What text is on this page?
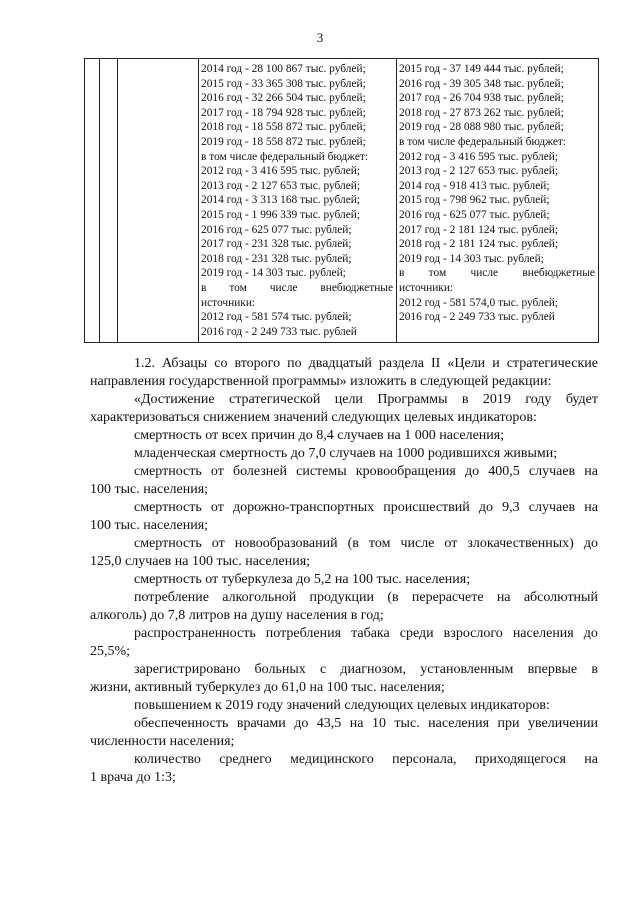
3
2014 год - 28 100 867 тыс. рублей;
2015 год - 33 365 308 тыс. рублей;
2016 год - 32 266 504 тыс. рублей;
2017 год - 18 794 928 тыс. рублей;
2018 год - 18 558 872 тыс. рублей;
2019 год - 18 558 872 тыс. рублей;
в том числе федеральный бюджет:
2012 год - 3 416 595 тыс. рублей;
2013 год - 2 127 653 тыс. рублей;
2014 год - 3 313 168 тыс. рублей;
2015 год - 1 996 339 тыс. рублей;
2016 год - 625 077 тыс. рублей;
2017 год - 231 328 тыс. рублей;
2018 год - 231 328 тыс. рублей;
2019 год - 14 303 тыс. рублей;
в том числе внебюджетные
источники:
2012 год - 581 574 тыс. рублей;
2016 год - 2 249 733 тыс. рублей
2015 год - 37 149 444 тыс. рублей;
2016 год - 39 305 348 тыс. рублей;
2017 год - 26 704 938 тыс. рублей;
2018 год - 27 873 262 тыс. рублей;
2019 год - 28 088 980 тыс. рублей;
в том числе федеральный бюджет:
2012 год - 3 416 595 тыс. рублей;
2013 год - 2 127 653 тыс. рублей;
2014 год - 918 413 тыс. рублей;
2015 год - 798 962 тыс. рублей;
2016 год - 625 077 тыс. рублей;
2017 год - 2 181 124 тыс. рублей;
2018 год - 2 181 124 тыс. рублей;
2019 год - 14 303 тыс. рублей;
в том числе внебюджетные
источники:
2012 год - 581 574,0 тыс. рублей;
2016 год - 2 249 733 тыс. рублей
1.2. Абзацы со второго по двадцатый раздела II «Цели и стратегические
направления государственной программы» изложить в следующей редакции:
«Достижение стратегической цели Программы в 2019 году будет
характеризоваться снижением значений следующих целевых индикаторов:
смертность от всех причин до 8,4 случаев на 1 000 населения;
младенческая смертность до 7,0 случаев на 1000 родившихся живыми;
смертность от болезней системы кровообращения до 400,5 случаев на
100 тыс. населения;
смертность от дорожно-транспортных происшествий до 9,3 случаев на
100 тыс. населения;
смертность от новообразований (в том числе от злокачественных) до
125,0 случаев на 100 тыс. населения;
смертность от туберкулеза до 5,2 на 100 тыс. населения;
потребление алкогольной продукции (в перерасчете на абсолютный
алкоголь) до 7,8 литров на душу населения в год;
распространенность потребления табака среди взрослого населения до
25,5%;
зарегистрировано больных с диагнозом, установленным впервые в
жизни, активный туберкулез до 61,0 на 100 тыс. населения;
повышением к 2019 году значений следующих целевых индикаторов:
обеспеченность врачами до 43,5 на 10 тыс. населения при увеличении
численности населения;
количество среднего медицинского персонала, приходящегося на
1 врача до 1:3;
